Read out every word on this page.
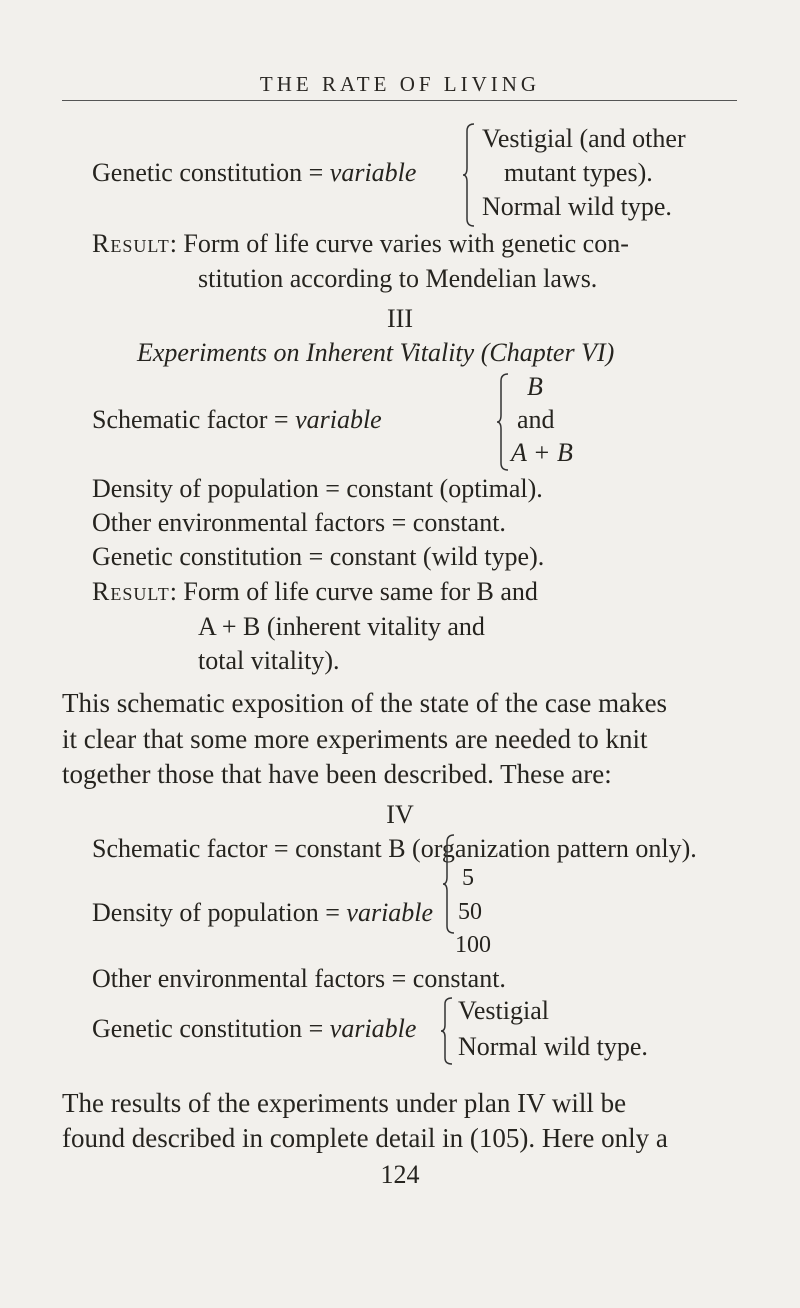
THE RATE OF LIVING
Genetic constitution = variable
Vestigial (and other
mutant types).
Normal wild type.
Result: Form of life curve varies with genetic con-
stitution according to Mendelian laws.
III
Experiments on Inherent Vitality (Chapter VI)
Schematic factor = variable
B
and
A + B
Density of population = constant (optimal).
Other environmental factors = constant.
Genetic constitution = constant (wild type).
Result: Form of life curve same for B and
A + B (inherent vitality and
total vitality).
This schematic exposition of the state of the case makes
it clear that some more experiments are needed to knit
together those that have been described. These are:
IV
Schematic factor = constant B (organization pattern only).
Density of population = variable
5
50
100
Other environmental factors = constant.
Genetic constitution = variable
Vestigial
Normal wild type.
The results of the experiments under plan IV will be
found described in complete detail in (105). Here only a
124
